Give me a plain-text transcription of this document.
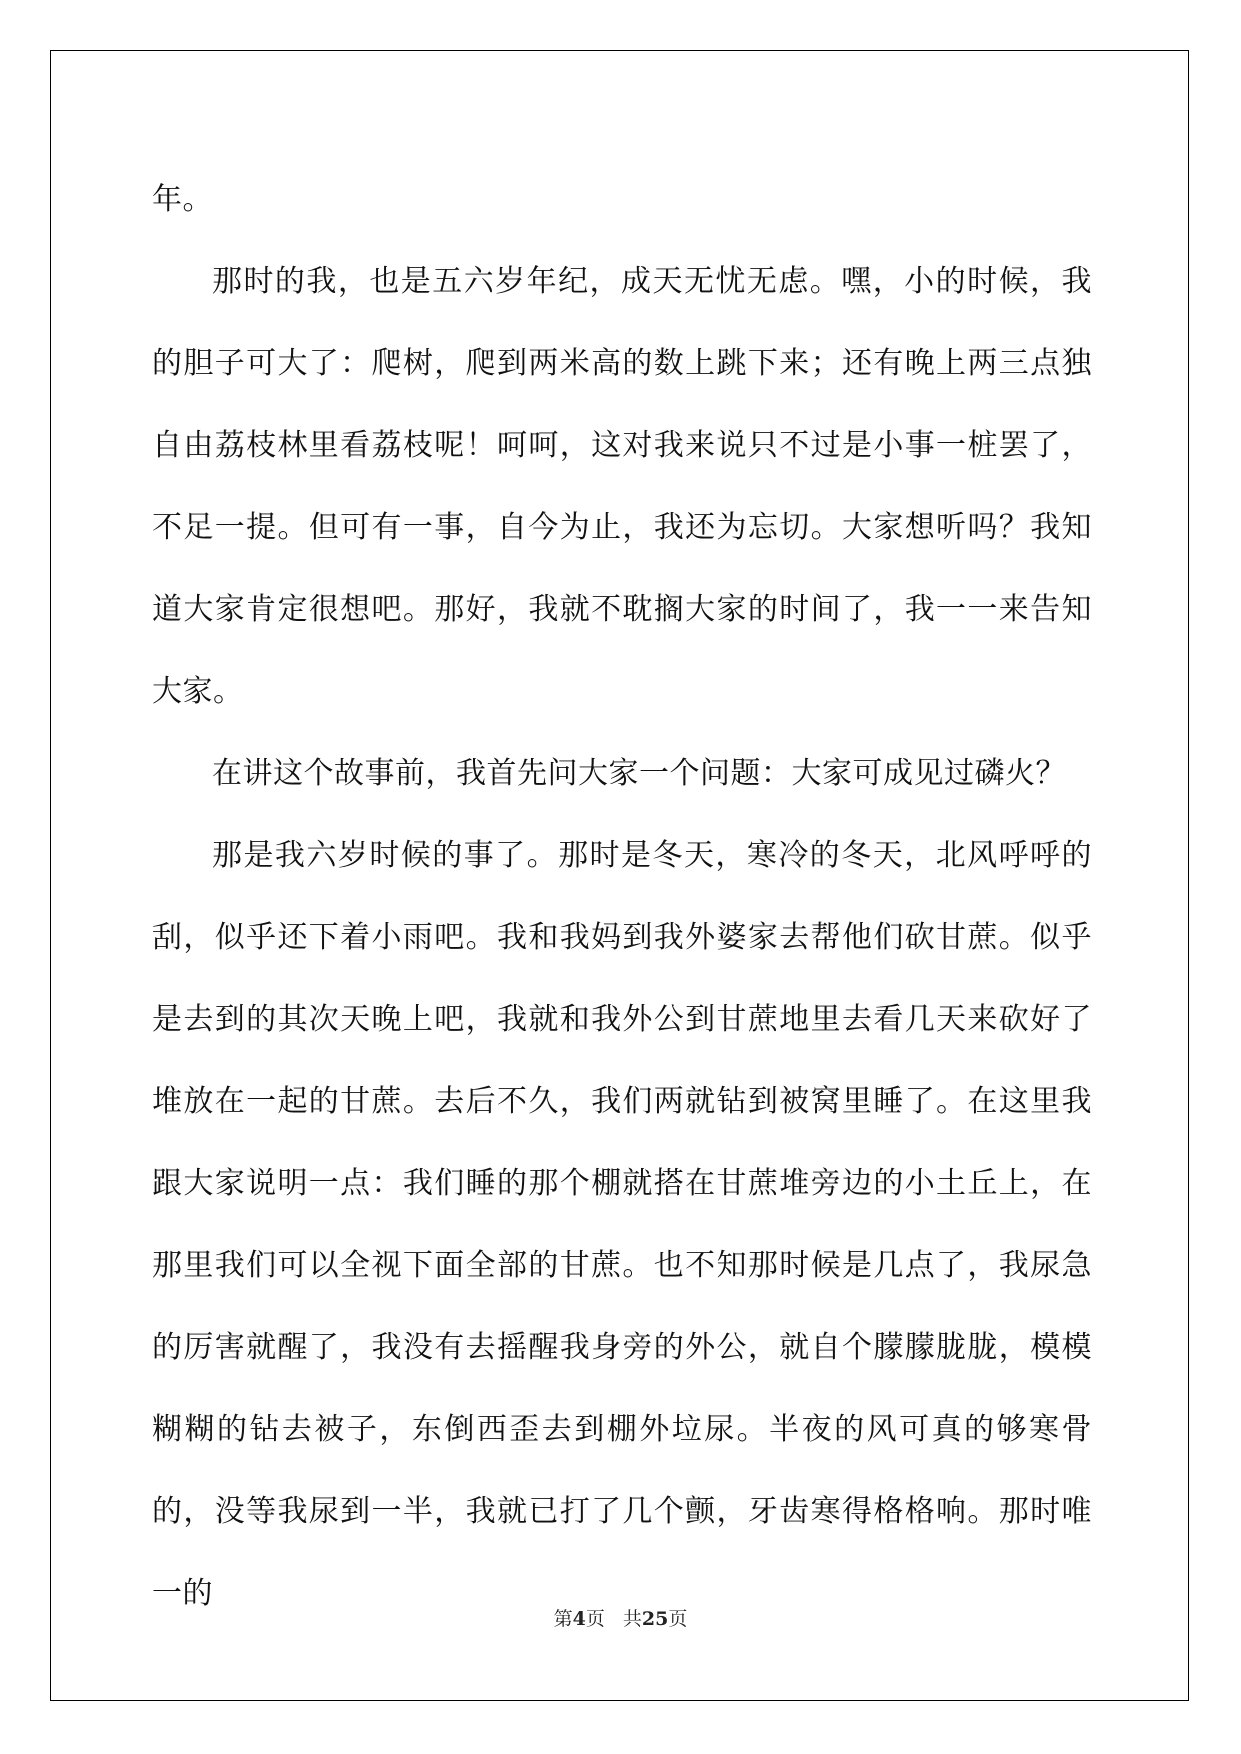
年。

那时的我，也是五六岁年纪，成天无忧无虑。嘿，小的时候，我的胆子可大了：爬树，爬到两米高的数上跳下来；还有晚上两三点独自由荔枝林里看荔枝呢！呵呵，这对我来说只不过是小事一桩罢了，不足一提。但可有一事，自今为止，我还为忘切。大家想听吗？我知道大家肯定很想吧。那好，我就不耽搁大家的时间了，我一一来告知大家。

在讲这个故事前，我首先问大家一个问题：大家可成见过磷火？

那是我六岁时候的事了。那时是冬天，寒冷的冬天，北风呼呼的刮，似乎还下着小雨吧。我和我妈到我外婆家去帮他们砍甘蔗。似乎是去到的其次天晚上吧，我就和我外公到甘蔗地里去看几天来砍好了堆放在一起的甘蔗。去后不久，我们两就钻到被窝里睡了。在这里我跟大家说明一点：我们睡的那个棚就搭在甘蔗堆旁边的小土丘上，在那里我们可以全视下面全部的甘蔗。也不知那时候是几点了，我尿急的厉害就醒了，我没有去摇醒我身旁的外公，就自个朦朦胧胧，模模糊糊的钻去被子，东倒西歪去到棚外垃尿。半夜的风可真的够寒骨的，没等我尿到一半，我就已打了几个颤，牙齿寒得格格响。那时唯一的

第4页 共25页
